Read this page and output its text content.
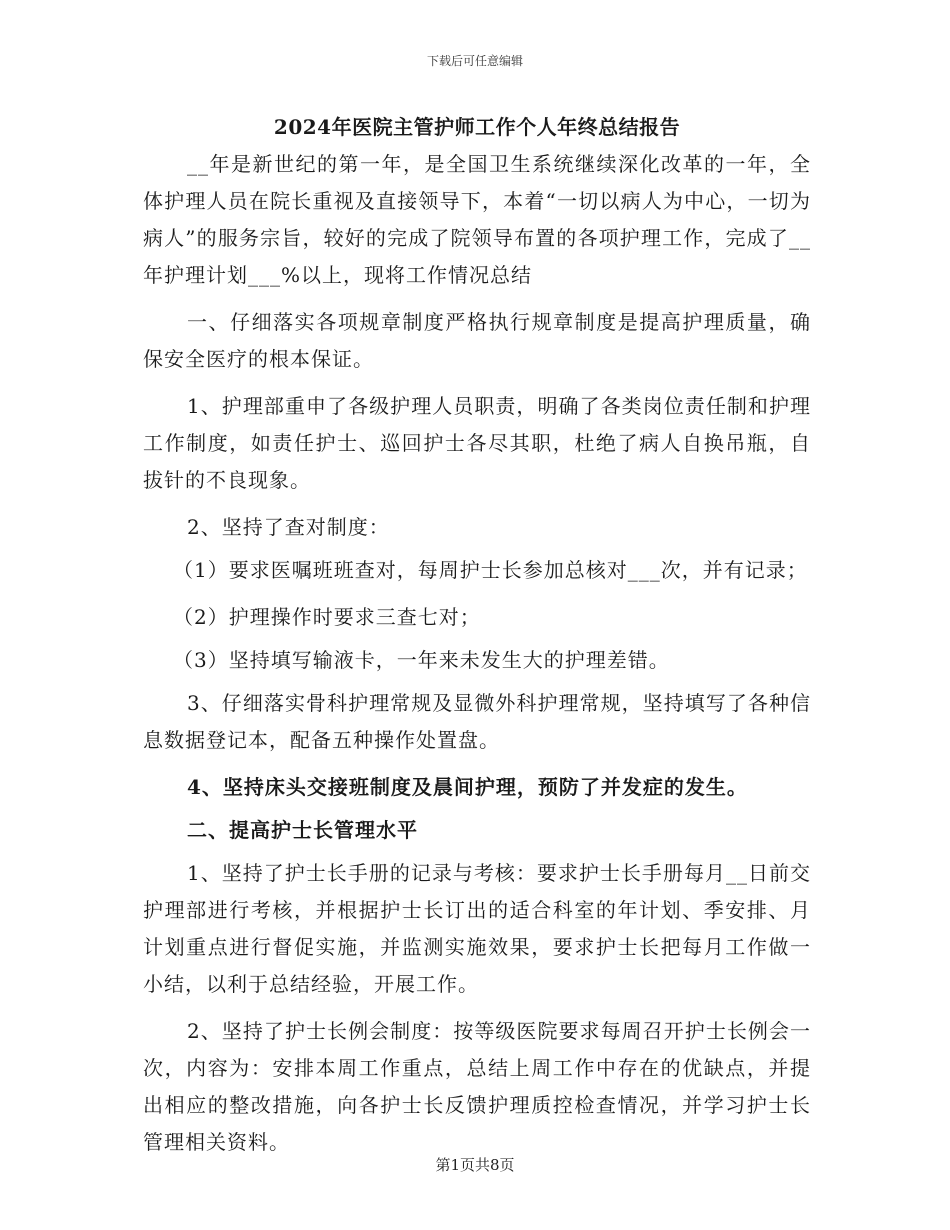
下载后可任意编辑
2024年医院主管护师工作个人年终总结报告

__年是新世纪的第一年，是全国卫生系统继续深化改革的一年，全体护理人员在院长重视及直接领导下，本着“一切以病人为中心，一切为病人”的服务宗旨，较好的完成了院领导布置的各项护理工作，完成了__年护理计划___%以上，现将工作情况总结

一、仔细落实各项规章制度严格执行规章制度是提高护理质量，确保安全医疗的根本保证。

1、护理部重申了各级护理人员职责，明确了各类岗位责任制和护理工作制度，如责任护士、巡回护士各尽其职，杜绝了病人自换吊瓶，自拔针的不良现象。

2、坚持了查对制度：

（1）要求医嘱班班查对，每周护士长参加总核对___次，并有记录；

（2）护理操作时要求三查七对；

（3）坚持填写输液卡，一年来未发生大的护理差错。

3、仔细落实骨科护理常规及显微外科护理常规，坚持填写了各种信息数据登记本，配备五种操作处置盘。

4、坚持床头交接班制度及晨间护理，预防了并发症的发生。

二、提高护士长管理水平

1、坚持了护士长手册的记录与考核：要求护士长手册每月__日前交护理部进行考核，并根据护士长订出的适合科室的年计划、季安排、月计划重点进行督促实施，并监测实施效果，要求护士长把每月工作做一小结，以利于总结经验，开展工作。

2、坚持了护士长例会制度：按等级医院要求每周召开护士长例会一次，内容为：安排本周工作重点，总结上周工作中存在的优缺点，并提出相应的整改措施，向各护士长反馈护理质控检查情况，并学习护士长管理相关资料。

第1页共8页
